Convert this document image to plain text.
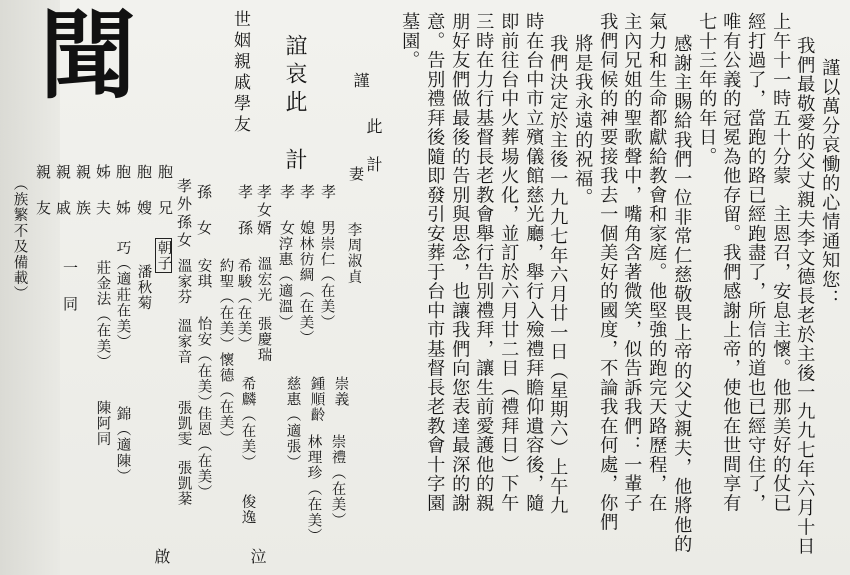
聞	世姻親戚學友 誼哀此
計
謹
此
計	謹以萬分哀慟的心情通知您：
我們最敬愛的父丈親夫李文德長老於主後一九九七年六月十日
上午十一時五十分蒙　主恩召，安息主懷。他那美好的仗已
經打過了，當跑的路已經跑盡了，所信的道也已經守住了，
唯有公義的冠冕為他存留。我們感謝上帝，使他在世間享有
七十三年的年日。
感謝主賜給我們一位非常仁慈敬畏上帝的父丈親夫，他將他的
氣力和生命都獻給教會和家庭。他堅強的跑完天路歷程，在
主內兄姐的聖歌聲中，嘴角含著微笑，似告訴我們：一輩子
我們伺候的神要接我去一個美好的國度，不論我在何處，你們
將是我永遠的祝福。
我們決定於主後一九九七年六月廿一日（星期六）上午九
時在台中市立殯儀館慈光廳，舉行入殮禮拜瞻仰遺容後，隨
即前往台中火葬場火化，並訂於六月廿二日（禮拜日）下午
三時在力行基督長老教會舉行告別禮拜，讓生前愛護他的親
朋好友們做最後的告別與思念，也讓我們向您表達最深的謝
意。告別禮拜後隨即發引安葬于台中市基督長老教會十字園
墓園。
妻
李周淑貞
孝　男
崇仁（在美）
崇義
崇禮（在美）
孝　媳
林彷綢（在美）
鍾順齡
林理珍（在美）
孝　女
淳惠（適溫）
慈惠（適張）
孝女婿
溫宏光
張慶瑞
孝　孫
希駿（在美）
希麟（在美）
約聖（在美）
懷德（在美）
俊逸
孫　女
安琪
怡安（在美）
佳恩（在美）
孝外孫女
溫家芬
溫家音
張凱雯
張凱棻
胞　兄
朝子
胞　嫂
潘秋菊
胞　姊
巧（適莊在美）
錦（適陳）
姊　夫
莊金法（在美）
陳阿同
親　族
親　戚
一　同
親　友
（族繁不及備載）
泣
啟
